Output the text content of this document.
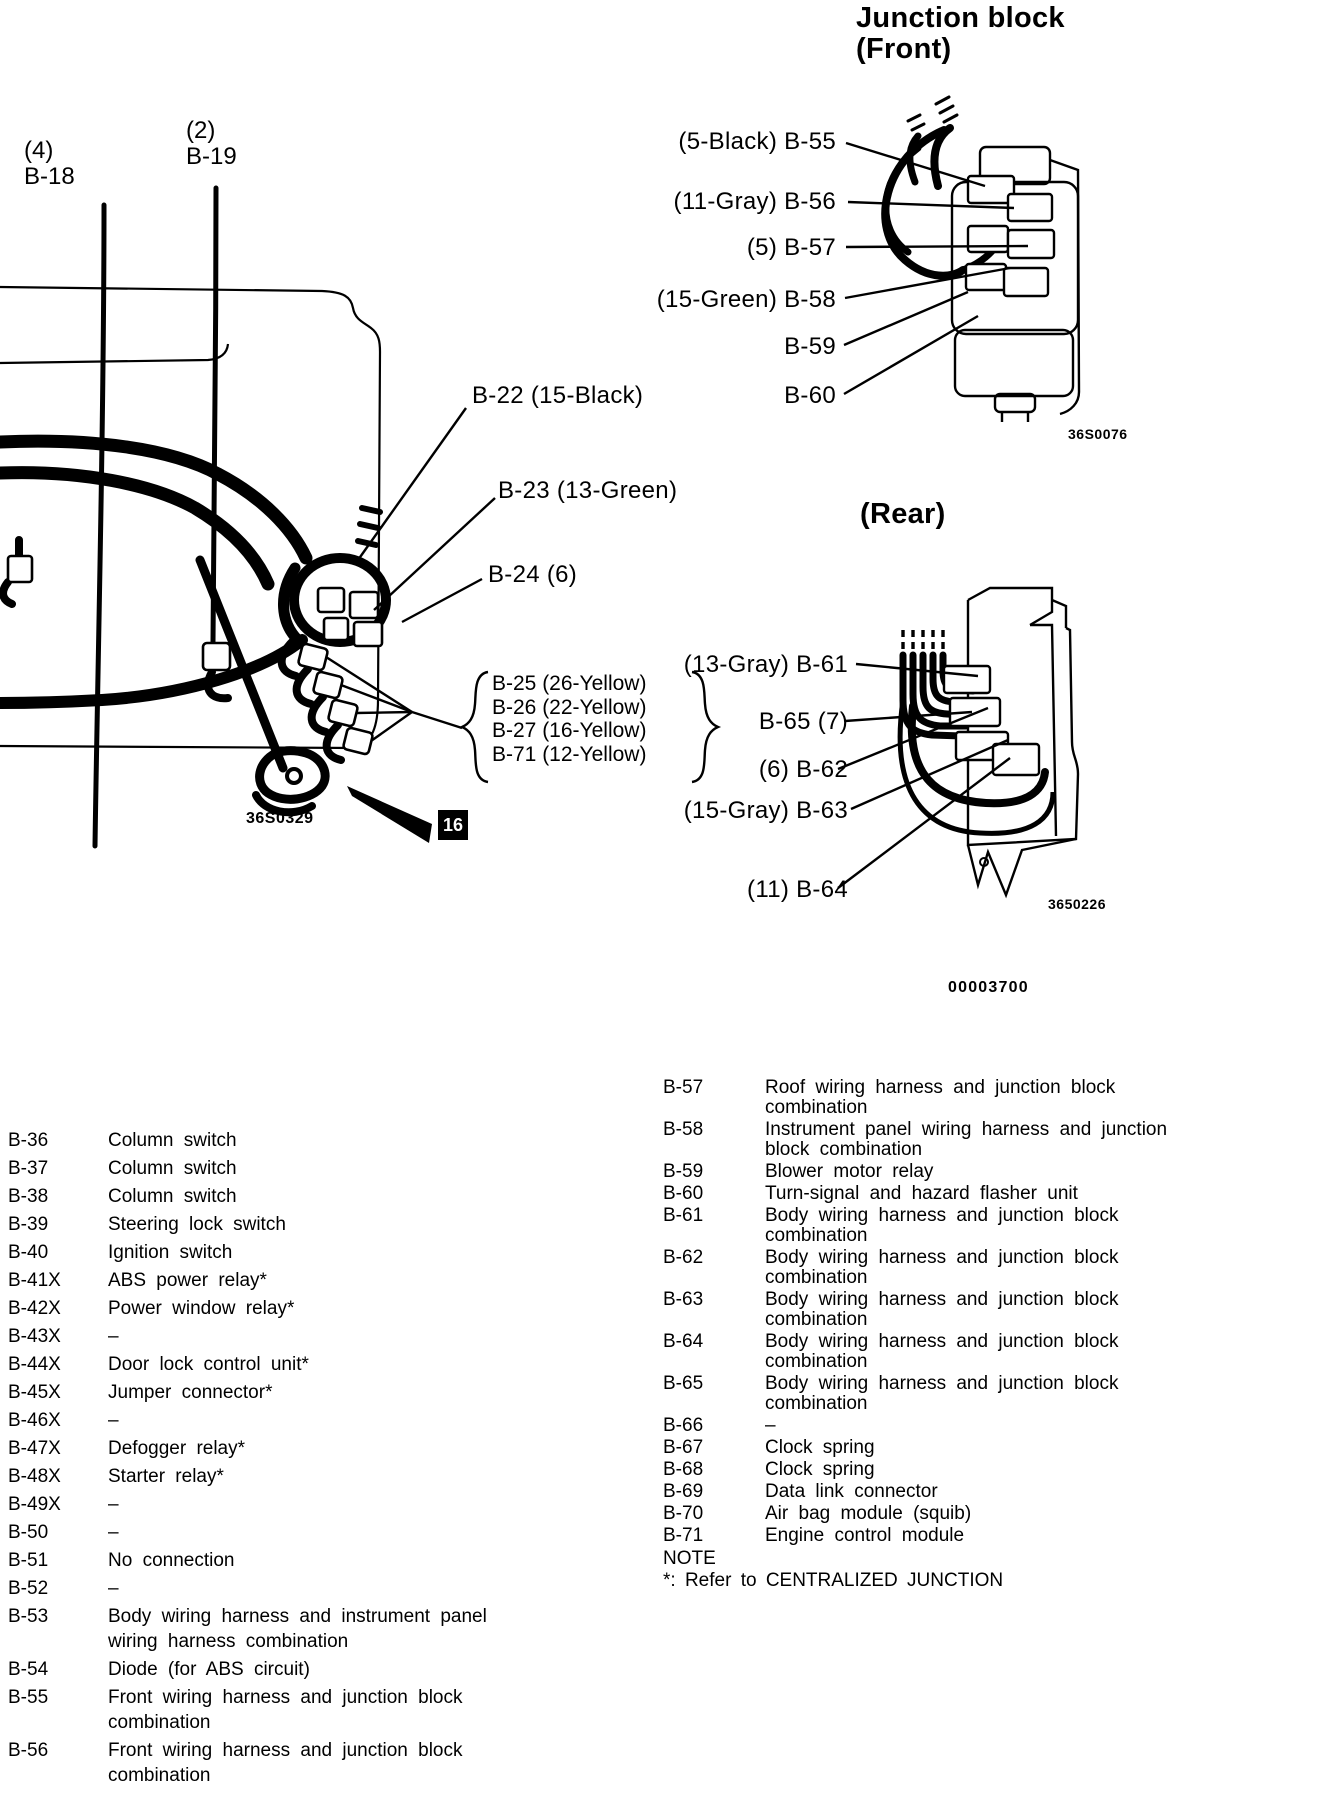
Junction block
(Front)
(Rear)
(5-Black) B-55
(11-Gray) B-56
(5) B-57
(15-Green) B-58
B-59
B-60
36S0076
(13-Gray) B-61
B-65 (7)
(6) B-62
(15-Gray) B-63
(11) B-64
3650226
00003700
(4)
B-18
(2)
B-19
B-22 (15-Black)
B-23 (13-Green)
B-24 (6)
B-25 (26-Yellow)
B-26 (22-Yellow)
B-27 (16-Yellow)
B-71 (12-Yellow)
16
36S0329
B-36	Column switch
B-37	Column switch
B-38	Column switch
B-39	Steering lock switch
B-40	Ignition switch
B-41X	ABS power relay*
B-42X	Power window relay*
B-43X	–
B-44X	Door lock control unit*
B-45X	Jumper connector*
B-46X	–
B-47X	Defogger relay*
B-48X	Starter relay*
B-49X	–
B-50	–
B-51	No connection
B-52	–
B-53	Body wiring harness and instrument panel wiring harness combination
B-54	Diode (for ABS circuit)
B-55	Front wiring harness and junction block combination
B-56	Front wiring harness and junction block combination
B-57	Roof wiring harness and junction block combination
B-58	Instrument panel wiring harness and junction block combination
B-59	Blower motor relay
B-60	Turn-signal and hazard flasher unit
B-61	Body wiring harness and junction block combination
B-62	Body wiring harness and junction block combination
B-63	Body wiring harness and junction block combination
B-64	Body wiring harness and junction block combination
B-65	Body wiring harness and junction block combination
B-66	–
B-67	Clock spring
B-68	Clock spring
B-69	Data link connector
B-70	Air bag module (squib)
B-71	Engine control module
NOTE
*: Refer to CENTRALIZED JUNCTION
